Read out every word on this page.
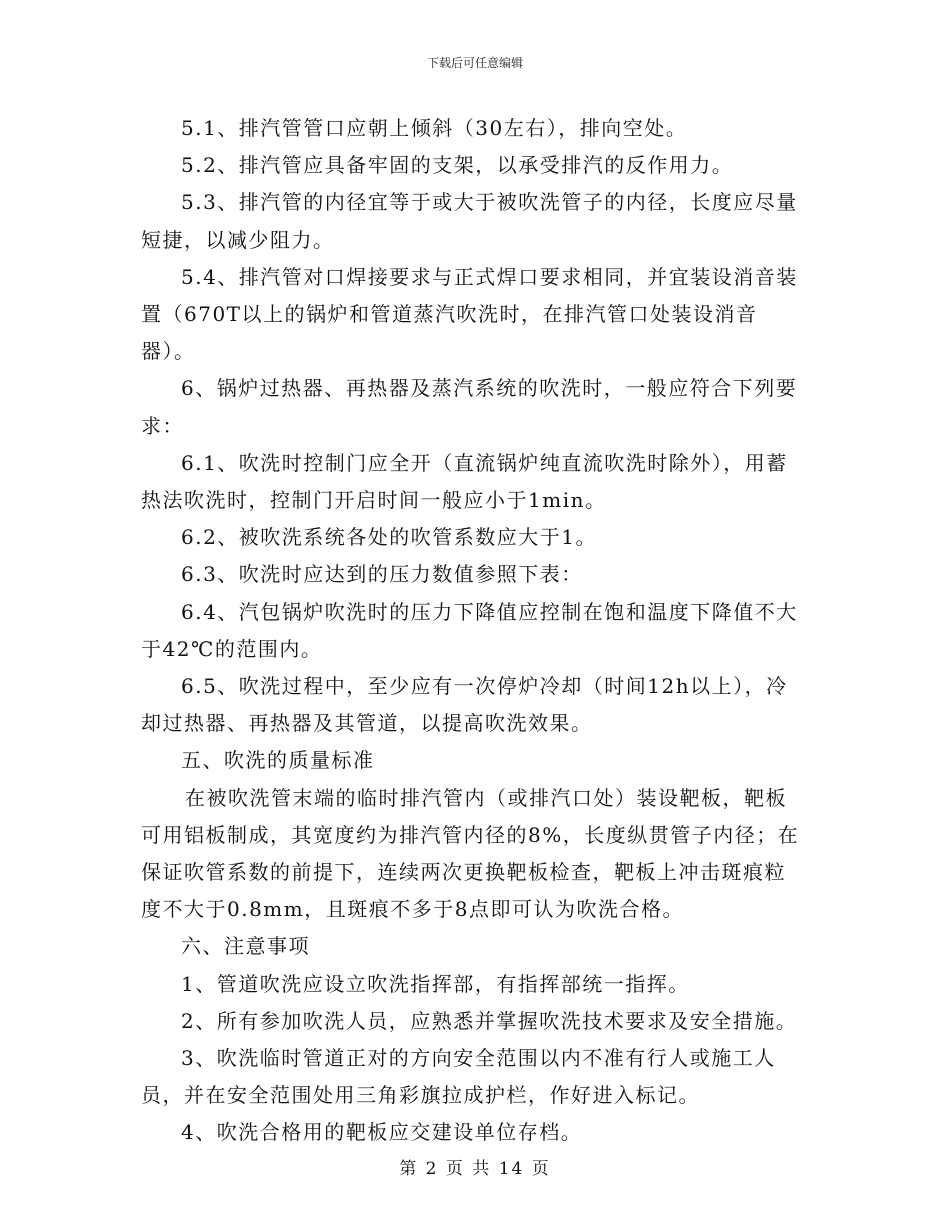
下载后可任意编辑

5.1、排汽管管口应朝上倾斜（30左右），排向空处。

5.2、排汽管应具备牢固的支架，以承受排汽的反作用力。

5.3、排汽管的内径宜等于或大于被吹洗管子的内径，长度应尽量短捷，以减少阻力。

5.4、排汽管对口焊接要求与正式焊口要求相同，并宜装设消音装置（670T以上的锅炉和管道蒸汽吹洗时，在排汽管口处装设消音器）。

6、锅炉过热器、再热器及蒸汽系统的吹洗时，一般应符合下列要求：

6.1、吹洗时控制门应全开（直流锅炉纯直流吹洗时除外），用蓄热法吹洗时，控制门开启时间一般应小于1min。

6.2、被吹洗系统各处的吹管系数应大于1。

6.3、吹洗时应达到的压力数值参照下表：

6.4、汽包锅炉吹洗时的压力下降值应控制在饱和温度下降值不大于42℃的范围内。

6.5、吹洗过程中，至少应有一次停炉冷却（时间12h以上），冷却过热器、再热器及其管道，以提高吹洗效果。

五、吹洗的质量标准

在被吹洗管末端的临时排汽管内（或排汽口处）装设靶板，靶板

可用铝板制成，其宽度约为排汽管内径的8%，长度纵贯管子内径；在

保证吹管系数的前提下，连续两次更换靶板检查，靶板上冲击斑痕粒

度不大于0.8mm，且斑痕不多于8点即可认为吹洗合格。

六、注意事项

1、管道吹洗应设立吹洗指挥部，有指挥部统一指挥。

2、所有参加吹洗人员，应熟悉并掌握吹洗技术要求及安全措施。

3、吹洗临时管道正对的方向安全范围以内不准有行人或施工人员，并在安全范围处用三角彩旗拉成护栏，作好进入标记。

4、吹洗合格用的靶板应交建设单位存档。

第 2 页 共 14 页
